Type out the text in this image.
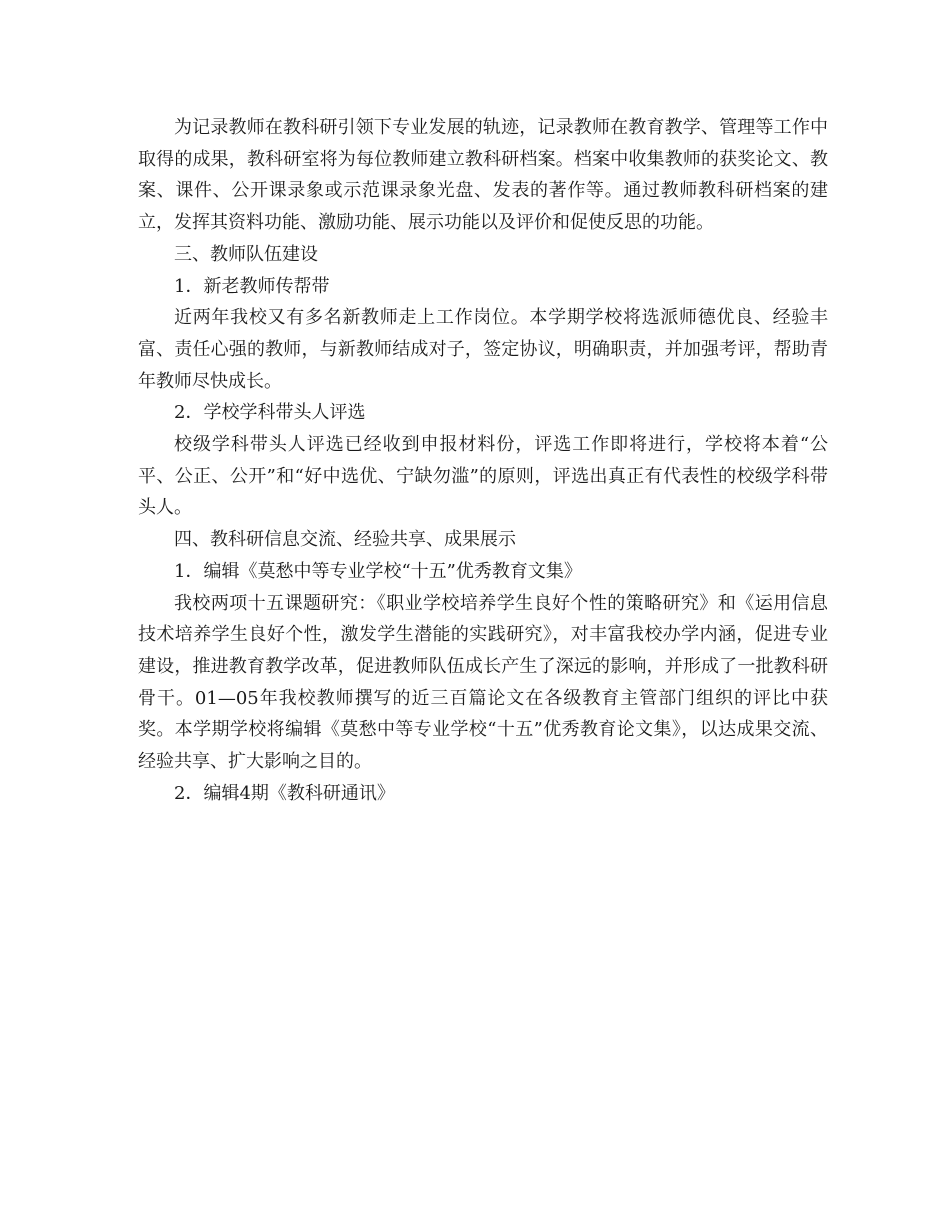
为记录教师在教科研引领下专业发展的轨迹，记录教师在教育教学、管理等工作中取得的成果，教科研室将为每位教师建立教科研档案。档案中收集教师的获奖论文、教案、课件、公开课录象或示范课录象光盘、发表的著作等。通过教师教科研档案的建立，发挥其资料功能、激励功能、展示功能以及评价和促使反思的功能。

三、教师队伍建设

1．新老教师传帮带

近两年我校又有多名新教师走上工作岗位。本学期学校将选派师德优良、经验丰富、责任心强的教师，与新教师结成对子，签定协议，明确职责，并加强考评，帮助青年教师尽快成长。

2．学校学科带头人评选

校级学科带头人评选已经收到申报材料份，评选工作即将进行，学校将本着“公平、公正、公开”和“好中选优、宁缺勿滥”的原则，评选出真正有代表性的校级学科带头人。

四、教科研信息交流、经验共享、成果展示

1．编辑《莫愁中等专业学校“十五”优秀教育文集》

我校两项十五课题研究：《职业学校培养学生良好个性的策略研究》和《运用信息技术培养学生良好个性，激发学生潜能的实践研究》，对丰富我校办学内涵，促进专业建设，推进教育教学改革，促进教师队伍成长产生了深远的影响，并形成了一批教科研骨干。01—05年我校教师撰写的近三百篇论文在各级教育主管部门组织的评比中获奖。本学期学校将编辑《莫愁中等专业学校“十五”优秀教育论文集》，以达成果交流、经验共享、扩大影响之目的。

2．编辑4期《教科研通讯》
